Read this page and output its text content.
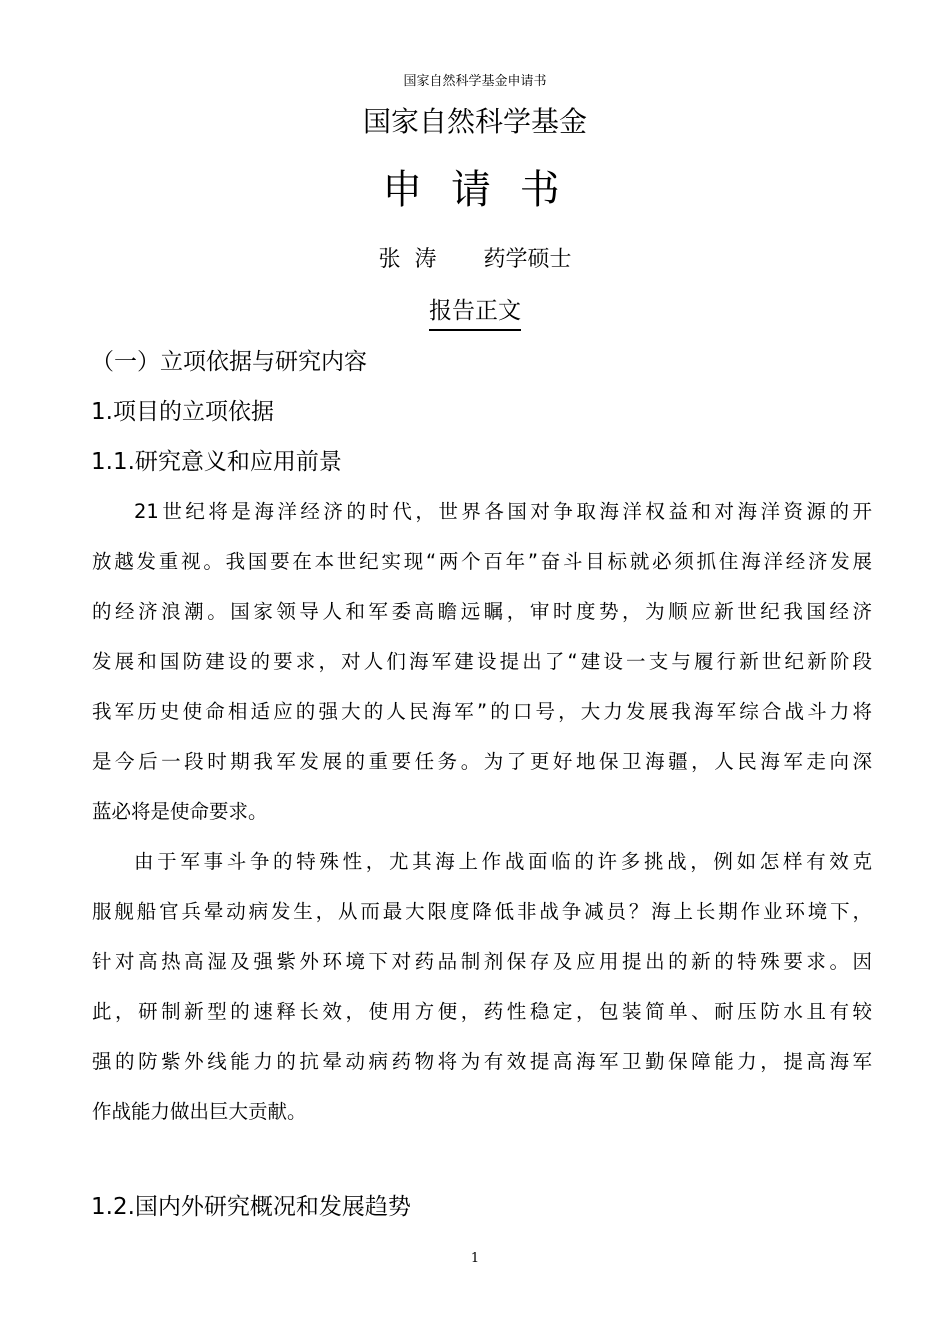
国家自然科学基金申请书
国家自然科学基金
申 请 书
张  涛 药学硕士
报告正文
（一）立项依据与研究内容
1.项目的立项依据
1.1.研究意义和应用前景
21世纪将是海洋经济的时代，世界各国对争取海洋权益和对海洋资源的开
放越发重视。我国要在本世纪实现“两个百年”奋斗目标就必须抓住海洋经济发展
的经济浪潮。国家领导人和军委高瞻远瞩，审时度势，为顺应新世纪我国经济
发展和国防建设的要求，对人们海军建设提出了“建设一支与履行新世纪新阶段
我军历史使命相适应的强大的人民海军”的口号，大力发展我海军综合战斗力将
是今后一段时期我军发展的重要任务。为了更好地保卫海疆，人民海军走向深
蓝必将是使命要求。
由于军事斗争的特殊性，尤其海上作战面临的许多挑战，例如怎样有效克
服舰船官兵晕动病发生，从而最大限度降低非战争减员？海上长期作业环境下，
针对高热高湿及强紫外环境下对药品制剂保存及应用提出的新的特殊要求。因
此，研制新型的速释长效，使用方便，药性稳定，包装简单、耐压防水且有较
强的防紫外线能力的抗晕动病药物将为有效提高海军卫勤保障能力，提高海军
作战能力做出巨大贡献。
1.2.国内外研究概况和发展趋势
1
